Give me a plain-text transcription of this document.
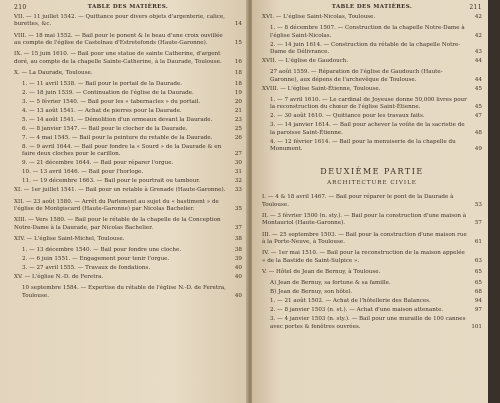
210	TABLE DES MATIÈRES.
VII. — 11 juillet 1542. — Quittance pour divers objets d'argenterie, calice, burettes, &c.	14
VIII. — 18 mai 1552. — Bail pour le ponent & le beau d'une croix ouvillée au compte de l'église de Castelnau d'Estretefonds (Haute-Garonne).	15
IX. — 15 juin 1610. — Bail pour une statue de sainte Catherine, d'argent doré, au compte de la chapelle Sainte-Catherine, à la Daurade, Toulouse. 16
X. — La Daurade, Toulouse.	18
1. — 11 avril 1538. — Bail pour le portail de la Daurade.	18
2. — 18 juin 1539. — Continuation de l'église de la Daurade.	19
3. — 5 février 1540. — Bail pour les « tabernacles » du portail.	20
4. — 13 août 1541. — Achat de pierres pour la Daurade.	21
5. — 14 août 1541. — Démolition d'un ormeaux devant la Daurade.	23
6. — 8 janvier 1547. — Bail pour le clocher de la Daurade.	25
7. — 4 mai 1545. — Bail pour la peinture du retable de la Daurade.	26
8. — 9 avril 1644. — Bail pour fondre la « Sourd » de la Daurade & en faire deux cloches pour le carillon.	27
9. — 21 décembre 1644. — Bail pour réparer l'orgue.	30
10. — 13 avril 1646. — Bail pour l'horloge.	31
11. — 19 décembre 1663. — Bail pour le pourtrait ou tambour.	32
XI. — 1er juillet 1541. — Bail pour un retable à Grenade (Haute-Garonne). 33
XII. — 23 août 1580. — Arrêt du Parlement au sujet du « bastiment » de l'église de Montgiscard (Haute-Garonne) par Nicolas Bachelier.	35
XIII. — Vers 1580. — Bail pour le rétable de la chapelle de la Conception Notre-Dame à la Daurade, par Nicolas Bachelier.	37
XIV. — L'église Saint-Michel, Toulouse.	38
1. — 13 décembre 1540. — Bail pour fondre une cloche.	38
2. — 6 juin 1551. — Engagement pour tenir l'orgue.	39
3. — 27 avril 1555. — Travaux de fondations.	40
XV. — L'église N.-D. de Feretra.	40
10 septembre 1584. — Expertise du rétable de l'église N.-D. de Feretra, Toulouse.	40
TABLE DES MATIÈRES.	211
XVI. — L'église Saint-Nicolas, Toulouse.	42
1. — 8 décembre 1507. — Construction de la chapelle Notre-Dame à l'église Saint-Nicolas.	42
2. — 14 juin 1614. — Construction du rétable de la chapelle Notre-Dame de Délivrance.	43
XVII. — L'église de Gaudouch.	44
27 août 1559. — Réparation de l'église de Gaudouch (Haute-Garonne), aux dépens de l'archevêque de Toulouse.	44
XVIII. — L'église Saint-Étienne, Toulouse.	45
1. — 7 avril 1610. — Le cardinal de Joyeuse donne 50,000 livres pour la reconstruction du chœur de l'église Saint-Étienne.	45
2. — 30 août 1610. — Quittance pour les travaux faits.	47
3. — 14 janvier 1614. — Bail pour achever la voûte de la sacristie de la paroisse Saint-Étienne.	48
4. — 12 février 1614. — Bail pour la menuiserie de la chapelle du Monument.	49
DEUXIÈME PARTIE
ARCHITECTURE CIVILE
I. — 4 & 18 avril 1467. — Bail pour réparer le pont de la Daurade à Toulouse.	53
II. — 3 février 1500 (n. sty.). — Bail pour la construction d'une maison à Montauriol (Haute-Garonne).	57
III. — 25 septembre 1503. — Bail pour la construction d'une maison rue à la Porte-Neuve, à Toulouse.	61
IV. — 1er mai 1510. — Bail pour la reconstruction de la maison appelée « de la Bastide de Saint-Sulpice ».	63
V. — Hôtel de Jean de Bernuy, à Toulouse.	65
A) Jean de Bernuy, sa fortune & sa famille.	65
B) Jean de Bernuy, son hôtel.	68
1. — 21 août 1502. — Achat de l'hôtellerie des Balances.	94
2. — 8 janvier 1503 (n. st.). — Achat d'une maison attenante.	97
3. — 4 janvier 1503 (n. sty.). — Bail pour une muraille de 100 cannes avec portes & fenêtres ouvrées.	101
